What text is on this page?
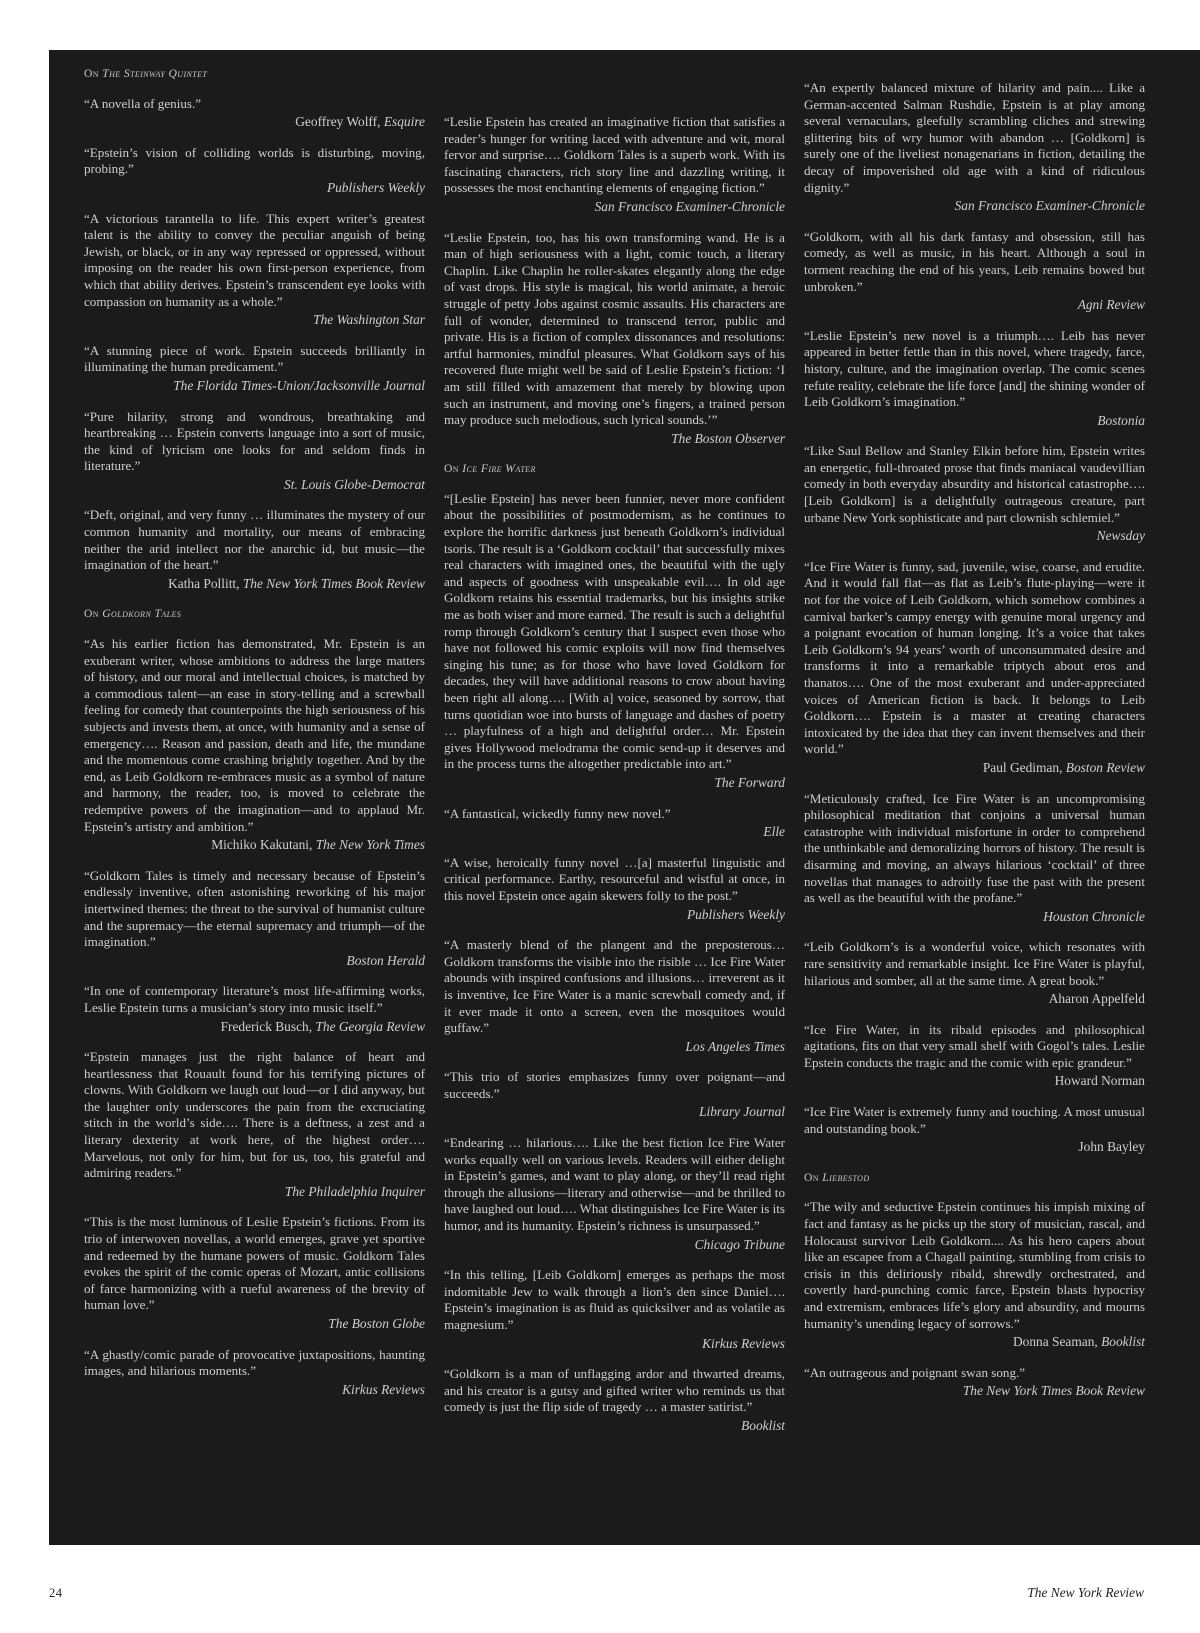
On The Steinway Quintet

“A novella of genius.”

Geoffrey Wolff, Esquire

“Epstein’s vision of colliding worlds is disturbing, moving, probing.”

Publishers Weekly

“A victorious tarantella to life. This expert writer’s greatest talent is the ability to convey the peculiar anguish of being Jewish, or black, or in any way repressed or oppressed, without imposing on the reader his own first-person experience, from which that ability derives. Epstein’s transcendent eye looks with compassion on humanity as a whole.”

The Washington Star

“A stunning piece of work. Epstein succeeds brilliantly in illuminating the human predicament.”

The Florida Times-Union/Jacksonville Journal

“Pure hilarity, strong and wondrous, breathtaking and heartbreaking … Epstein converts language into a sort of music, the kind of lyricism one looks for and seldom finds in literature.”

St. Louis Globe-Democrat

“Deft, original, and very funny … illuminates the mystery of our common humanity and mortality, our means of embracing neither the arid intellect nor the anarchic id, but music—the imagination of the heart.”

Katha Pollitt, The New York Times Book Review
On Goldkorn Tales

“As his earlier fiction has demonstrated, Mr. Epstein is an exuberant writer, whose ambitions to address the large matters of history, and our moral and intellectual choices, is matched by a commodious talent—an ease in story-telling and a screwball feeling for comedy that counterpoints the high seriousness of his subjects and invests them, at once, with humanity and a sense of emergency…. Reason and passion, death and life, the mundane and the momentous come crashing brightly together. And by the end, as Leib Goldkorn re-embraces music as a symbol of nature and harmony, the reader, too, is moved to celebrate the redemptive powers of the imagination—and to applaud Mr. Epstein’s artistry and ambition.”

Michiko Kakutani, The New York Times

“Goldkorn Tales is timely and necessary because of Epstein’s endlessly inventive, often astonishing reworking of his major intertwined themes: the threat to the survival of humanist culture and the supremacy—the eternal supremacy and triumph—of the imagination.”

Boston Herald

“In one of contemporary literature’s most life-affirming works, Leslie Epstein turns a musician’s story into music itself.”

Frederick Busch, The Georgia Review

“Epstein manages just the right balance of heart and heartlessness that Rouault found for his terrifying pictures of clowns. With Goldkorn we laugh out loud—or I did anyway, but the laughter only underscores the pain from the excruciating stitch in the world’s side…. There is a deftness, a zest and a literary dexterity at work here, of the highest order…. Marvelous, not only for him, but for us, too, his grateful and admiring readers.”

The Philadelphia Inquirer

“This is the most luminous of Leslie Epstein’s fictions. From its trio of interwoven novellas, a world emerges, grave yet sportive and redeemed by the humane powers of music. Goldkorn Tales evokes the spirit of the comic operas of Mozart, antic collisions of farce harmonizing with a rueful awareness of the brevity of human love.”

The Boston Globe

“A ghastly/comic parade of provocative juxtapositions, haunting images, and hilarious moments.”

Kirkus Reviews

“Leslie Epstein has created an imaginative fiction that satisfies a reader’s hunger for writing laced with adventure and wit, moral fervor and surprise…. Goldkorn Tales is a superb work. With its fascinating characters, rich story line and dazzling writing, it possesses the most enchanting elements of engaging fiction.”

San Francisco Examiner-Chronicle

“Leslie Epstein, too, has his own transforming wand. He is a man of high seriousness with a light, comic touch, a literary Chaplin. Like Chaplin he roller-skates elegantly along the edge of vast drops. His style is magical, his world animate, a heroic struggle of petty Jobs against cosmic assaults. His characters are full of wonder, determined to transcend terror, public and private. His is a fiction of complex dissonances and resolutions: artful harmonies, mindful pleasures. What Goldkorn says of his recovered flute might well be said of Leslie Epstein’s fiction: ‘I am still filled with amazement that merely by blowing upon such an instrument, and moving one’s fingers, a trained person may produce such melodious, such lyrical sounds.’”

The Boston Observer
On Ice Fire Water

“[Leslie Epstein] has never been funnier, never more confident about the possibilities of postmodernism, as he continues to explore the horrific darkness just beneath Goldkorn’s individual tsoris. The result is a ‘Goldkorn cocktail’ that successfully mixes real characters with imagined ones, the beautiful with the ugly and aspects of goodness with unspeakable evil…. In old age Goldkorn retains his essential trademarks, but his insights strike me as both wiser and more earned. The result is such a delightful romp through Goldkorn’s century that I suspect even those who have not followed his comic exploits will now find themselves singing his tune; as for those who have loved Goldkorn for decades, they will have additional reasons to crow about having been right all along…. [With a] voice, seasoned by sorrow, that turns quotidian woe into bursts of language and dashes of poetry … playfulness of a high and delightful order… Mr. Epstein gives Hollywood melodrama the comic send-up it deserves and in the process turns the altogether predictable into art.”

The Forward

“A fantastical, wickedly funny new novel.”

Elle

“A wise, heroically funny novel …[a] masterful linguistic and critical performance. Earthy, resourceful and wistful at once, in this novel Epstein once again skewers folly to the post.”

Publishers Weekly

“A masterly blend of the plangent and the preposterous… Goldkorn transforms the visible into the risible … Ice Fire Water abounds with inspired confusions and illusions… irreverent as it is inventive, Ice Fire Water is a manic screwball comedy and, if it ever made it onto a screen, even the mosquitoes would guffaw.”

Los Angeles Times

“This trio of stories emphasizes funny over poignant—and succeeds.”

Library Journal

“Endearing … hilarious…. Like the best fiction Ice Fire Water works equally well on various levels. Readers will either delight in Epstein’s games, and want to play along, or they’ll read right through the allusions—literary and otherwise—and be thrilled to have laughed out loud…. What distinguishes Ice Fire Water is its humor, and its humanity. Epstein’s richness is unsurpassed.”

Chicago Tribune

“In this telling, [Leib Goldkorn] emerges as perhaps the most indomitable Jew to walk through a lion’s den since Daniel…. Epstein’s imagination is as fluid as quicksilver and as volatile as magnesium.”

Kirkus Reviews

“Goldkorn is a man of unflagging ardor and thwarted dreams, and his creator is a gutsy and gifted writer who reminds us that comedy is just the flip side of tragedy … a master satirist.”

Booklist

“An expertly balanced mixture of hilarity and pain.... Like a German-accented Salman Rushdie, Epstein is at play among several vernaculars, gleefully scrambling cliches and strewing glittering bits of wry humor with abandon … [Goldkorn] is surely one of the liveliest nonagenarians in fiction, detailing the decay of impoverished old age with a kind of ridiculous dignity.”

San Francisco Examiner-Chronicle

“Goldkorn, with all his dark fantasy and obsession, still has comedy, as well as music, in his heart. Although a soul in torment reaching the end of his years, Leib remains bowed but unbroken.”

Agni Review

“Leslie Epstein’s new novel is a triumph…. Leib has never appeared in better fettle than in this novel, where tragedy, farce, history, culture, and the imagination overlap. The comic scenes refute reality, celebrate the life force [and] the shining wonder of Leib Goldkorn’s imagination.”

Bostonia

“Like Saul Bellow and Stanley Elkin before him, Epstein writes an energetic, full-throated prose that finds maniacal vaudevillian comedy in both everyday absurdity and historical catastrophe…. [Leib Goldkorn] is a delightfully outrageous creature, part urbane New York sophisticate and part clownish schlemiel.”

Newsday

“Ice Fire Water is funny, sad, juvenile, wise, coarse, and erudite. And it would fall flat—as flat as Leib’s flute-playing—were it not for the voice of Leib Goldkorn, which somehow combines a carnival barker’s campy energy with genuine moral urgency and a poignant evocation of human longing. It’s a voice that takes Leib Goldkorn’s 94 years’ worth of unconsummated desire and transforms it into a remarkable triptych about eros and thanatos…. One of the most exuberant and under-appreciated voices of American fiction is back. It belongs to Leib Goldkorn…. Epstein is a master at creating characters intoxicated by the idea that they can invent themselves and their world.”

Paul Gediman, Boston Review

“Meticulously crafted, Ice Fire Water is an uncompromising philosophical meditation that conjoins a universal human catastrophe with individual misfortune in order to comprehend the unthinkable and demoralizing horrors of history. The result is disarming and moving, an always hilarious ‘cocktail’ of three novellas that manages to adroitly fuse the past with the present as well as the beautiful with the profane.”

Houston Chronicle

“Leib Goldkorn’s is a wonderful voice, which resonates with rare sensitivity and remarkable insight. Ice Fire Water is playful, hilarious and somber, all at the same time. A great book.”

Aharon Appelfeld

“Ice Fire Water, in its ribald episodes and philosophical agitations, fits on that very small shelf with Gogol’s tales. Leslie Epstein conducts the tragic and the comic with epic grandeur.”

Howard Norman

“Ice Fire Water is extremely funny and touching. A most unusual and outstanding book.”

John Bayley
On Liebestod

“The wily and seductive Epstein continues his impish mixing of fact and fantasy as he picks up the story of musician, rascal, and Holocaust survivor Leib Goldkorn.... As his hero capers about like an escapee from a Chagall painting, stumbling from crisis to crisis in this deliriously ribald, shrewdly orchestrated, and covertly hard-punching comic farce, Epstein blasts hypocrisy and extremism, embraces life’s glory and absurdity, and mourns humanity’s unending legacy of sorrows.”

Donna Seaman, Booklist

“An outrageous and poignant swan song.”

The New York Times Book Review
24	The New York Review
